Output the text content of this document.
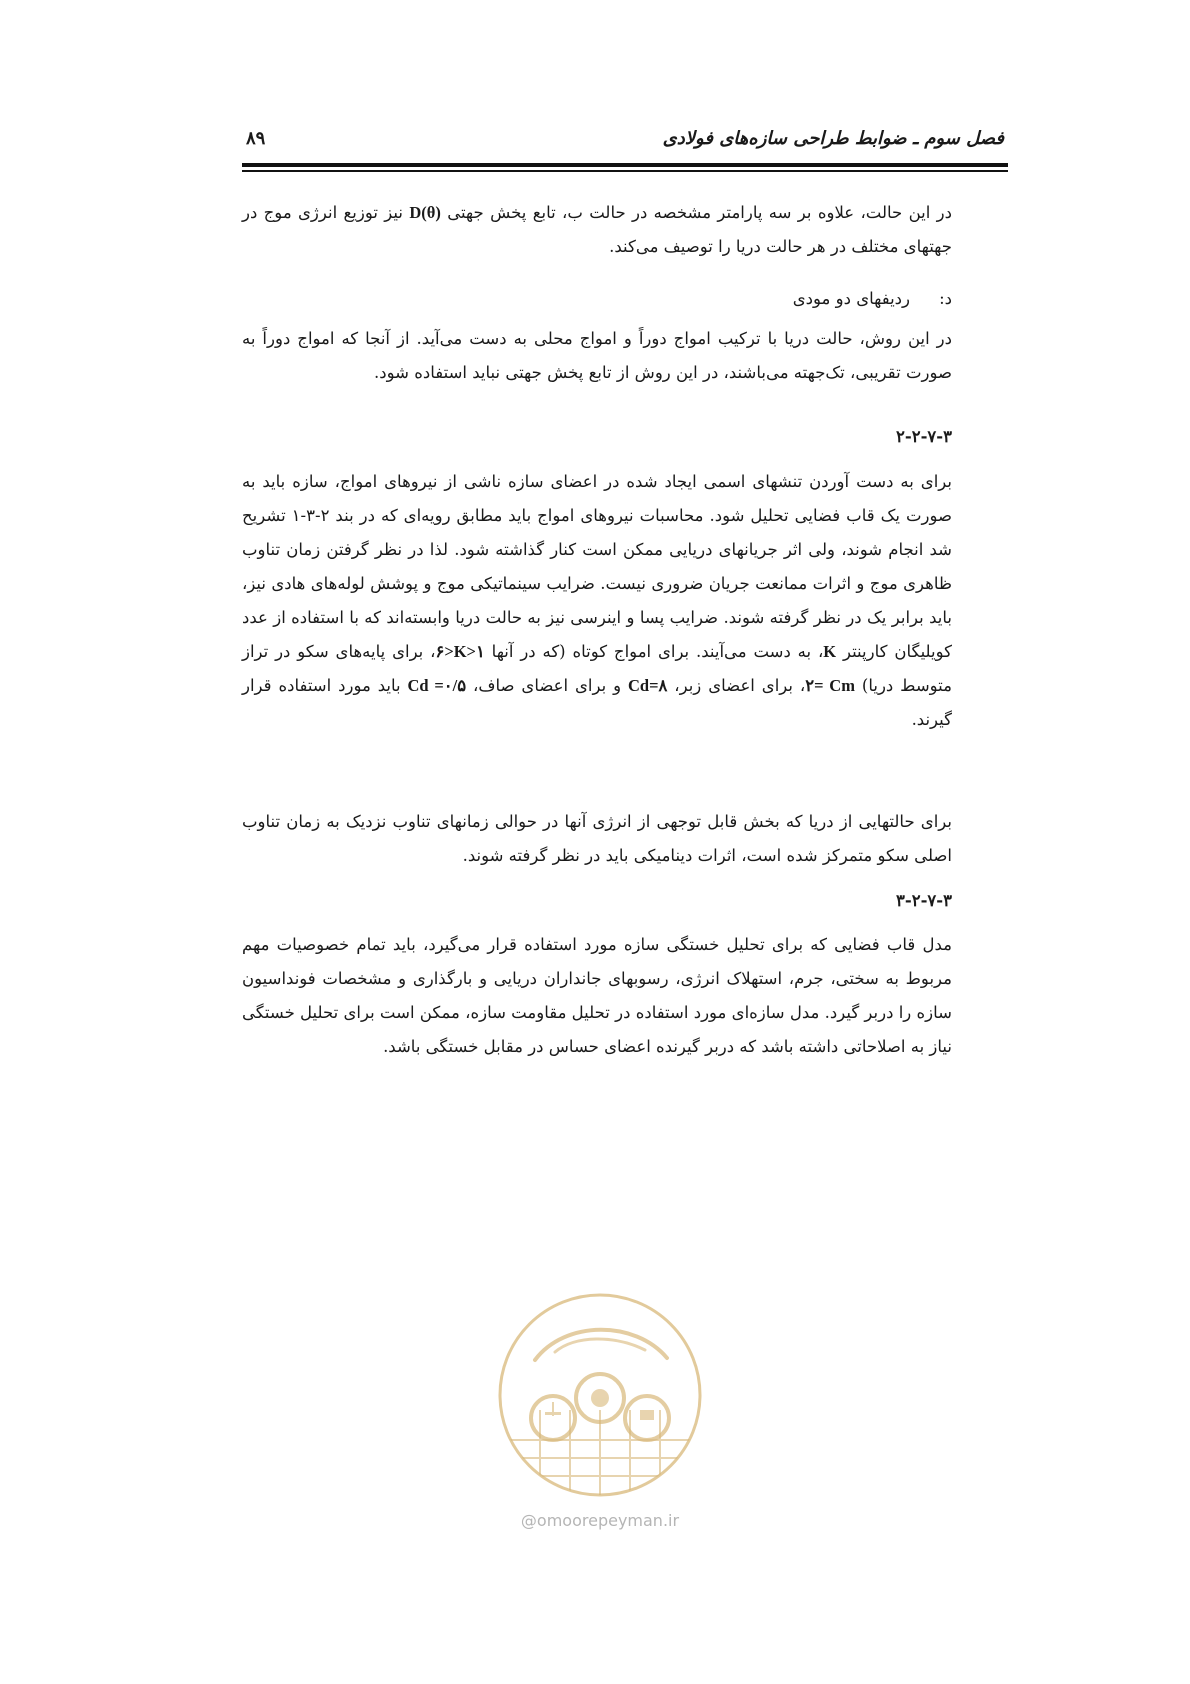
فصل سوم ـ ضوابط طراحی سازه‌های فولادی
۸۹

در این حالت، علاوه بر سه پارامتر مشخصه در حالت ب، تابع پخش جهتی D(θ) نیز توزیع انرژی موج در جهتهای مختلف در هر حالت دریا را توصیف می‌کند.

د:
ردیفهای دو مودی

در این روش، حالت دریا با ترکیب امواج دوراً و امواج محلی به دست می‌آید. از آنجا که امواج دوراً به صورت تقریبی، تک‌جهته می‌باشند، در این روش از تابع پخش جهتی نباید استفاده شود.

۲-۲-۷-۳

برای به دست آوردن تنشهای اسمی ایجاد شده در اعضای سازه ناشی از نیروهای امواج، سازه باید به صورت یک قاب فضایی تحلیل شود. محاسبات نیروهای امواج باید مطابق رویه‌ای که در بند ۲-۳-۱ تشریح شد انجام شوند، ولی اثر جریانهای دریایی ممکن است کنار گذاشته شود. لذا در نظر گرفتن زمان تناوب ظاهری موج و اثرات ممانعت جریان ضروری نیست. ضرایب سینماتیکی موج و پوشش لوله‌های هادی نیز، باید برابر یک در نظر گرفته شوند. ضرایب پسا و اینرسی نیز به حالت دریا وابسته‌اند که با استفاده از عدد کویلیگان کارپنتر K، به دست می‌آیند. برای امواج کوتاه (که در آنها ۶>K>۱، برای پایه‌های سکو در تراز متوسط دریا) ۲= Cm، برای اعضای زبر، Cd=۸ و برای اعضای صاف، Cd =۰/۵ باید مورد استفاده قرار گیرند.

برای حالتهایی از دریا که بخش قابل توجهی از انرژی آنها در حوالی زمانهای تناوب نزدیک به زمان تناوب اصلی سکو متمرکز شده است، اثرات دینامیکی باید در نظر گرفته شوند.

۳-۲-۷-۳

مدل قاب فضایی که برای تحلیل خستگی سازه مورد استفاده قرار می‌گیرد، باید تمام خصوصیات مهم مربوط به سختی، جرم، استهلاک انرژی، رسوبهای جانداران دریایی و بارگذاری و مشخصات فونداسیون سازه را دربر گیرد. مدل سازه‌ای مورد استفاده در تحلیل مقاومت سازه، ممکن است برای تحلیل خستگی نیاز به اصلاحاتی داشته باشد که دربر گیرنده اعضای حساس در مقابل خستگی باشد.

@omoorepeyman.ir
